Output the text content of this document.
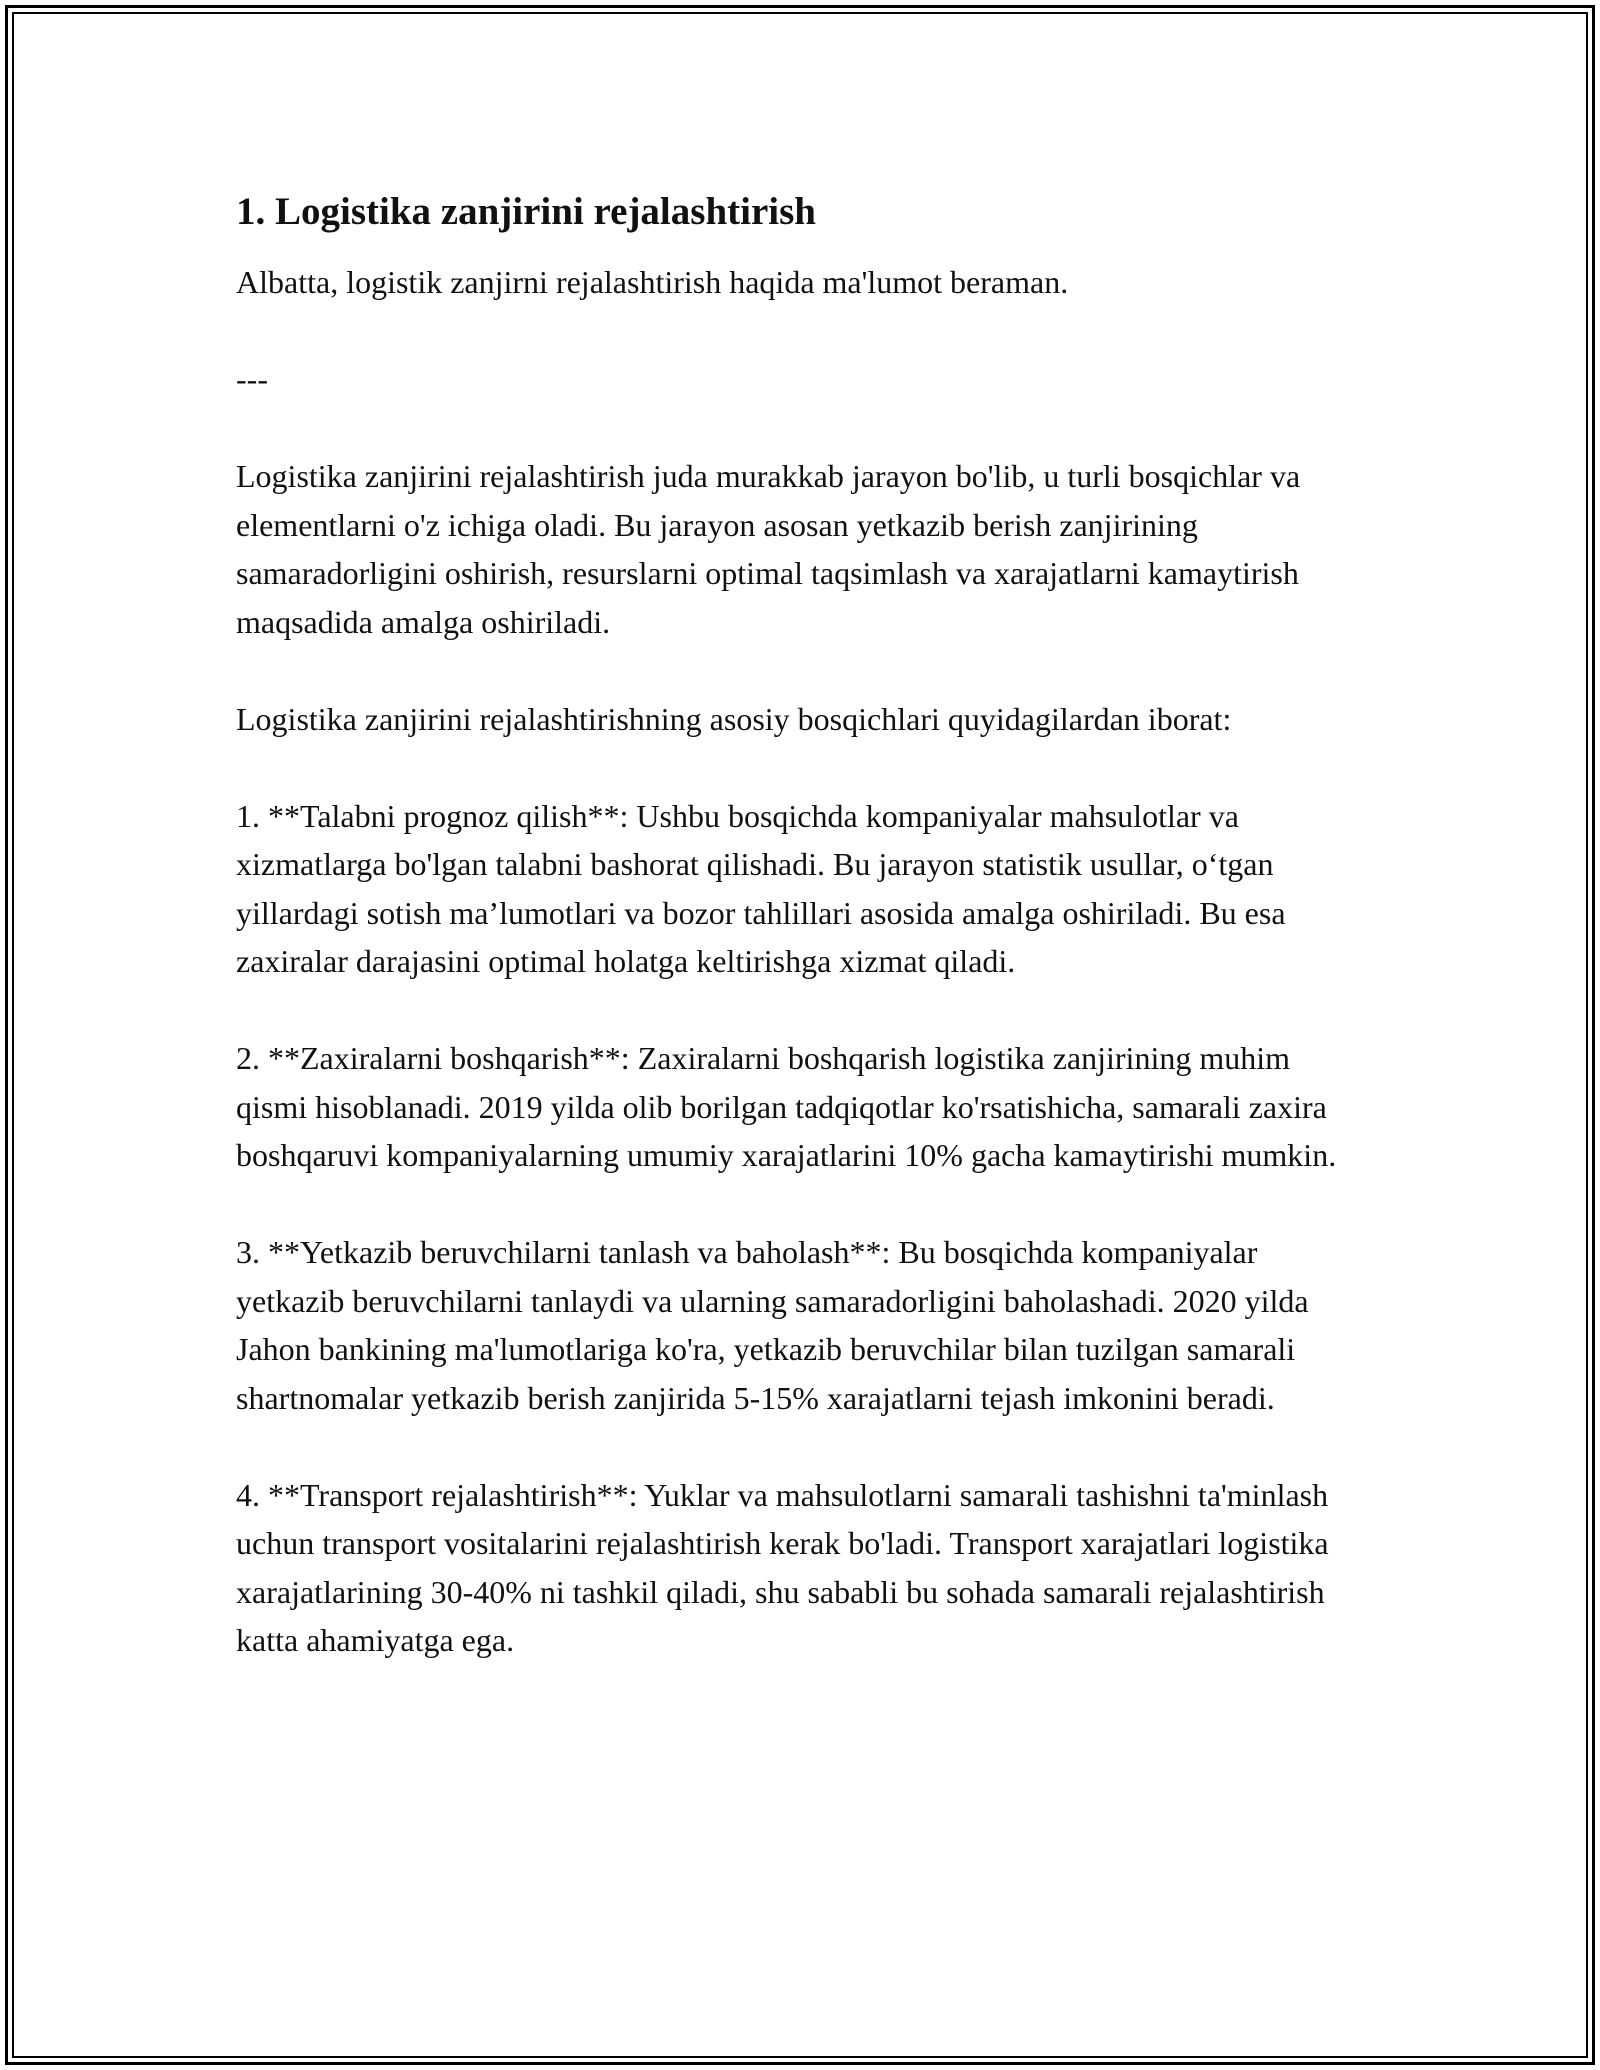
1. Logistika zanjirini rejalashtirish

Albatta, logistik zanjirni rejalashtirish haqida ma'lumot beraman.

---

Logistika zanjirini rejalashtirish juda murakkab jarayon bo'lib, u turli bosqichlar va elementlarni o'z ichiga oladi. Bu jarayon asosan yetkazib berish zanjirining samaradorligini oshirish, resurslarni optimal taqsimlash va xarajatlarni kamaytirish maqsadida amalga oshiriladi.

Logistika zanjirini rejalashtirishning asosiy bosqichlari quyidagilardan iborat:

1. **Talabni prognoz qilish**: Ushbu bosqichda kompaniyalar mahsulotlar va xizmatlarga bo'lgan talabni bashorat qilishadi. Bu jarayon statistik usullar, o‘tgan yillardagi sotish ma’lumotlari va bozor tahlillari asosida amalga oshiriladi. Bu esa zaxiralar darajasini optimal holatga keltirishga xizmat qiladi.

2. **Zaxiralarni boshqarish**: Zaxiralarni boshqarish logistika zanjirining muhim qismi hisoblanadi. 2019 yilda olib borilgan tadqiqotlar ko'rsatishicha, samarali zaxira boshqaruvi kompaniyalarning umumiy xarajatlarini 10% gacha kamaytirishi mumkin.

3. **Yetkazib beruvchilarni tanlash va baholash**: Bu bosqichda kompaniyalar yetkazib beruvchilarni tanlaydi va ularning samaradorligini baholashadi. 2020 yilda Jahon bankining ma'lumotlariga ko'ra, yetkazib beruvchilar bilan tuzilgan samarali shartnomalar yetkazib berish zanjirida 5-15% xarajatlarni tejash imkonini beradi.

4. **Transport rejalashtirish**: Yuklar va mahsulotlarni samarali tashishni ta'minlash uchun transport vositalarini rejalashtirish kerak bo'ladi. Transport xarajatlari logistika xarajatlarining 30-40% ni tashkil qiladi, shu sababli bu sohada samarali rejalashtirish katta ahamiyatga ega.
